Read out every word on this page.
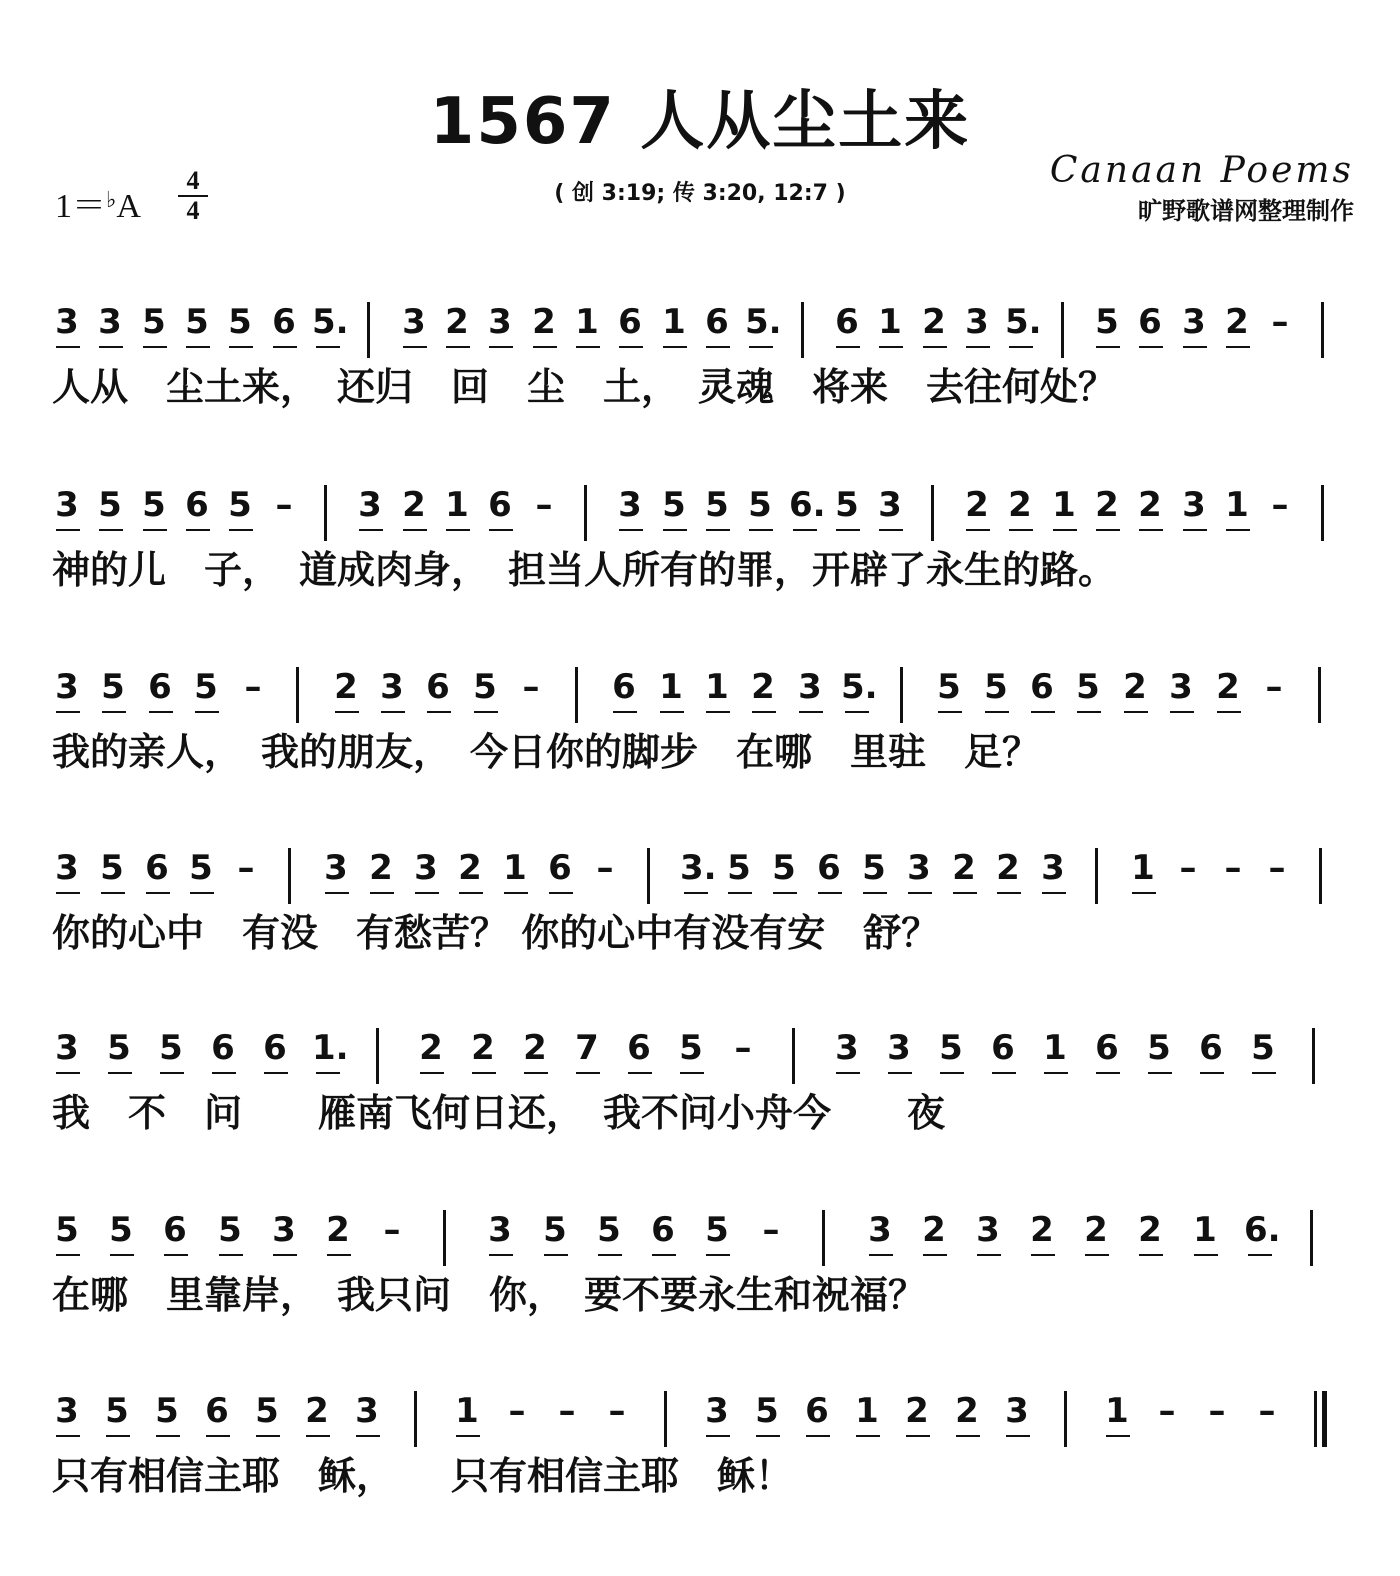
1567 人从尘土来
1＝♭A
4
4
( 创 3:19; 传 3:20, 12:7 )
Canaan Poems
旷野歌谱网整理制作
3 3 5 5 5 6 5. 3 2 3 2 1 6 1 6 5. 6 1 2 3 5. 5 6 3 2 –
人从　尘土来，　还归　回　尘　土，　灵魂　将来　去往何处？
3 5 5 6 5 – 3 2 1 6 – 3 5 5 5 6. 5 3 2 2 1 2 2 3 1 –
神的儿　子，　道成肉身，　担当人所有的罪，开辟了永生的路。
3 5 6 5 – 2 3 6 5 – 6 1 1 2 3 5. 5 5 6 5 2 3 2 –
我的亲人，　我的朋友，　今日你的脚步　在哪　里驻　足？
3 5 6 5 – 3 2 3 2 1 6 – 3. 5 5 6 5 3 2 2 3 1 – – –
你的心中　有没　有愁苦？ 你的心中有没有安　舒？
3 5 5 6 6 1. 2 2 2 7 6 5 – 3 3 5 6 1 6 5 6 5
我　不　问　　雁南飞何日还，　我不问小舟今　　夜
5 5 6 5 3 2 –	3 5 5 6 5 –	3 2 3 2 2 2 1 6.
在哪　里靠岸，　我只问　你，　要不要永生和祝福？
3 5 5 6 5 2 3 1 – – – 3 5 6 1 2 2 3 1 – – –
只有相信主耶　稣，　　只有相信主耶　稣！
